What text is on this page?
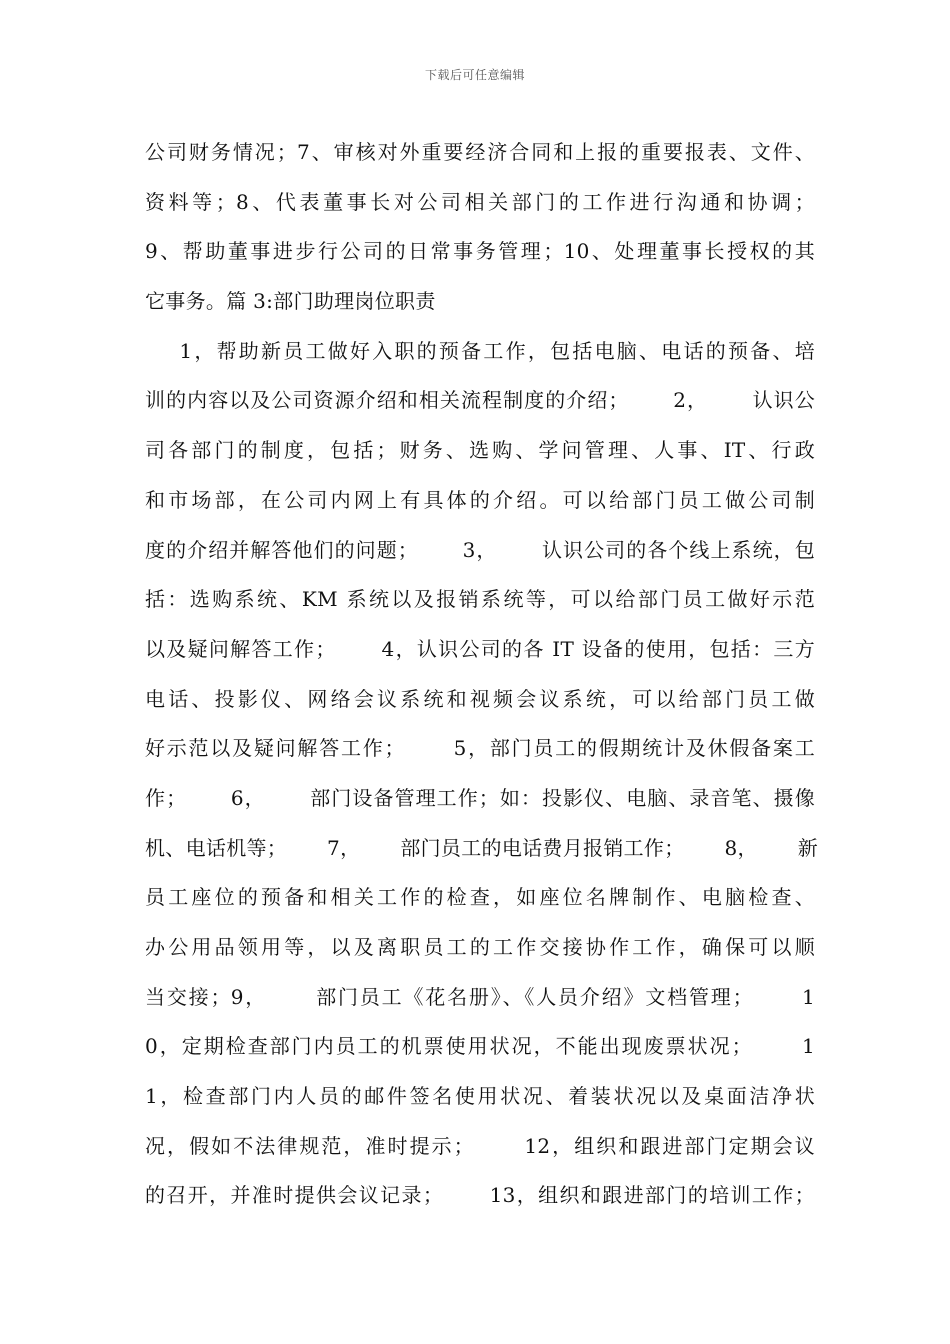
下载后可任意编辑
公司财务情况；7、审核对外重要经济合同和上报的重要报表、文件、
资料等；8、代表董事长对公司相关部门的工作进行沟通和协调；
9、帮助董事进步行公司的日常事务管理；10、处理董事长授权的其
它事务。篇 3:部门助理岗位职责
1，帮助新员工做好入职的预备工作，包括电脑、电话的预备、培
训的内容以及公司资源介绍和相关流程制度的介绍；      2，      认识公
司各部门的制度，包括；财务、选购、学问管理、人事、IT、行政
和市场部，在公司内网上有具体的介绍。可以给部门员工做公司制
度的介绍并解答他们的问题；      3，      认识公司的各个线上系统，包
括：选购系统、KM 系统以及报销系统等，可以给部门员工做好示范
以及疑问解答工作；      4，认识公司的各 IT 设备的使用，包括：三方
电话、投影仪、网络会议系统和视频会议系统，可以给部门员工做
好示范以及疑问解答工作；      5，部门员工的假期统计及休假备案工
作；      6，      部门设备管理工作；如：投影仪、电脑、录音笔、摄像
机、电话机等；      7，      部门员工的电话费月报销工作；      8，      新
员工座位的预备和相关工作的检查，如座位名牌制作、电脑检查、
办公用品领用等，以及离职员工的工作交接协作工作，确保可以顺
当交接；9，      部门员工《花名册》、《人员介绍》文档管理；      1
0，定期检查部门内员工的机票使用状况，不能出现废票状况；      1
1，检查部门内人员的邮件签名使用状况、着装状况以及桌面洁净状
况，假如不法律规范，准时提示；      12，组织和跟进部门定期会议
的召开，并准时提供会议记录；      13，组织和跟进部门的培训工作；
